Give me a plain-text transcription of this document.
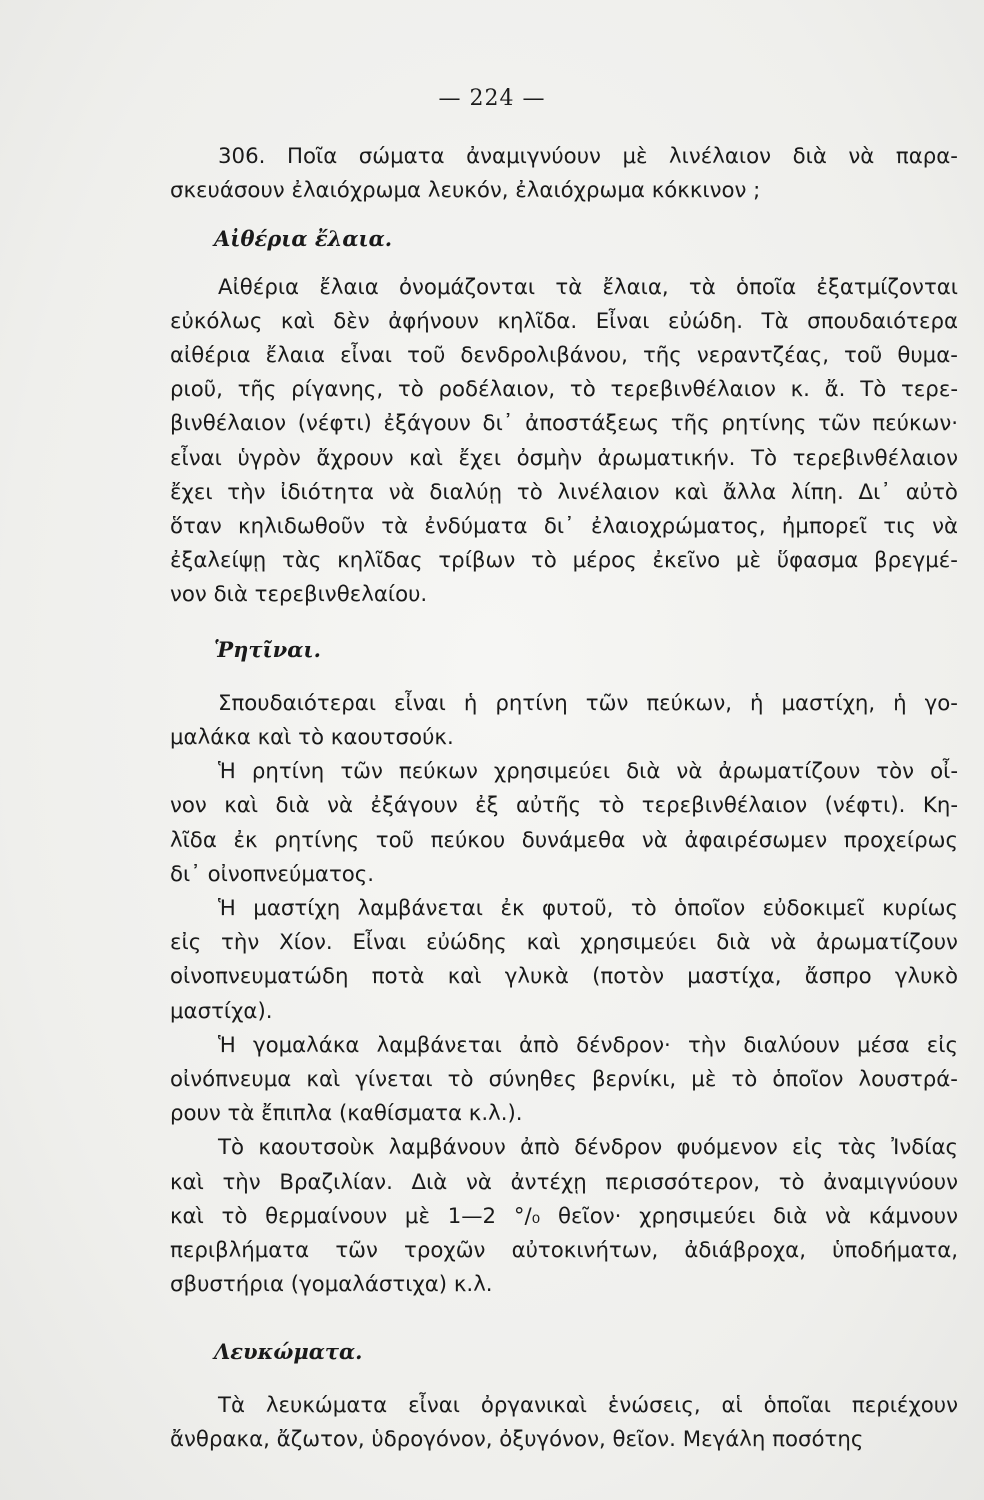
— 224 —
306. Ποῖα σώματα ἀναμιγνύουν μὲ λινέλαιον διὰ νὰ παρα-
σκευάσουν ἐλαιόχρωμα λευκόν, ἐλαιόχρωμα κόκκινον ;
Αἰθέρια ἔλαια.
Αἰθέρια ἔλαια ὀνομάζονται τὰ ἔλαια, τὰ ὁποῖα ἐξατμίζονται
εὐκόλως καὶ δὲν ἀφήνουν κηλῖδα. Εἶναι εὐώδη. Τὰ σπουδαιότερα
αἰθέρια ἔλαια εἶναι τοῦ δενδρολιβάνου, τῆς νεραντζέας, τοῦ θυμα-
ριοῦ, τῆς ρίγανης, τὸ ροδέλαιον, τὸ τερεβινθέλαιον κ. ἄ. Τὸ τερε-
βινθέλαιον (νέφτι) ἐξάγουν δι᾿ ἀποστάξεως τῆς ρητίνης τῶν πεύκων·
εἶναι ὑγρὸν ἄχρουν καὶ ἔχει ὀσμὴν ἀρωματικήν. Τὸ τερεβινθέλαιον
ἔχει τὴν ἰδιότητα νὰ διαλύῃ τὸ λινέλαιον καὶ ἄλλα λίπη. Δι᾿ αὐτὸ
ὅταν κηλιδωθοῦν τὰ ἐνδύματα δι᾿ ἐλαιοχρώματος, ἠμπορεῖ τις νὰ
ἐξαλείψῃ τὰς κηλῖδας τρίβων τὸ μέρος ἐκεῖνο μὲ ὕφασμα βρεγμέ-
νον διὰ τερεβινθελαίου.
Ῥητῖναι.
Σπουδαιότεραι εἶναι ἡ ρητίνη τῶν πεύκων, ἡ μαστίχη, ἡ γο-
μαλάκα καὶ τὸ καουτσούκ.
Ἡ ρητίνη τῶν πεύκων χρησιμεύει διὰ νὰ ἀρωματίζουν τὸν οἶ-
νον καὶ διὰ νὰ ἐξάγουν ἐξ αὐτῆς τὸ τερεβινθέλαιον (νέφτι). Κη-
λῖδα ἐκ ρητίνης τοῦ πεύκου δυνάμεθα νὰ ἀφαιρέσωμεν προχείρως
δι᾿ οἰνοπνεύματος.
Ἡ μαστίχη λαμβάνεται ἐκ φυτοῦ, τὸ ὁποῖον εὐδοκιμεῖ κυρίως
εἰς τὴν Χίον. Εἶναι εὐώδης καὶ χρησιμεύει διὰ νὰ ἀρωματίζουν
οἰνοπνευματώδη ποτὰ καὶ γλυκὰ (ποτὸν μαστίχα, ἄσπρο γλυκὸ
μαστίχα).
Ἡ γομαλάκα λαμβάνεται ἀπὸ δένδρον· τὴν διαλύουν μέσα εἰς
οἰνόπνευμα καὶ γίνεται τὸ σύνηθες βερνίκι, μὲ τὸ ὁποῖον λουστρά-
ρουν τὰ ἔπιπλα (καθίσματα κ.λ.).
Τὸ καουτσοὺκ λαμβάνουν ἀπὸ δένδρον φυόμενον εἰς τὰς Ἰνδίας
καὶ τὴν Βραζιλίαν. Διὰ νὰ ἀντέχῃ περισσότερον, τὸ ἀναμιγνύουν
καὶ τὸ θερμαίνουν μὲ 1—2 °/₀ θεῖον· χρησιμεύει διὰ νὰ κάμνουν
περιβλήματα τῶν τροχῶν αὐτοκινήτων, ἀδιάβροχα, ὑποδήματα,
σβυστήρια (γομαλάστιχα) κ.λ.
Λευκώματα.
Τὰ λευκώματα εἶναι ὀργανικαὶ ἑνώσεις, αἱ ὁποῖαι περιέχουν
ἄνθρακα, ἄζωτον, ὑδρογόνον, ὀξυγόνον, θεῖον. Μεγάλη ποσότης
